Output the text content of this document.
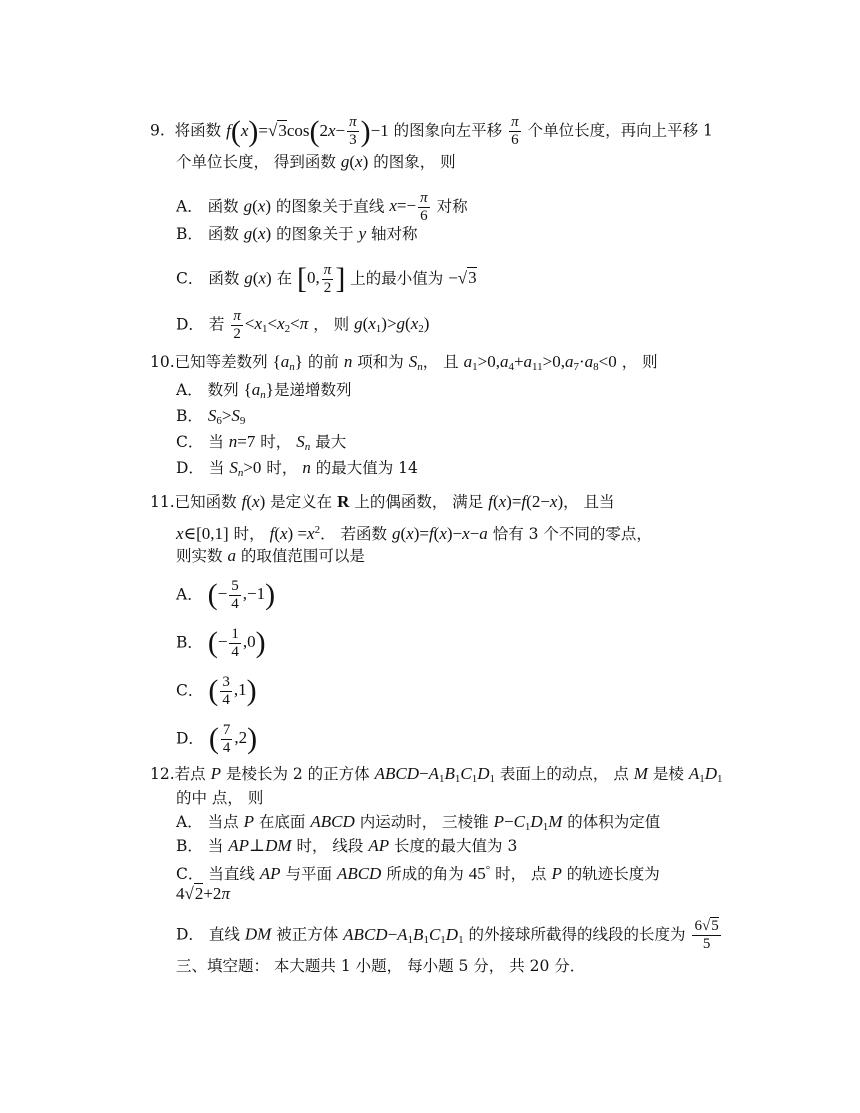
9. 将函数 $f(x)=√3\cos(2x- \frac{\pi}{3} )-1$ 的图象向左平移 $\frac{\pi}{6}$ 个单位长度，再向上平移 1
个单位长度， 得到函数 g(x) 的图象， 则
A． 函数 g(x) 的图象关于直线 $x=- \frac{\pi}{6}$ 对称
B． 函数 g(x) 的图象关于 y 轴对称
C． 函数 g(x) 在 [0, $\frac{\pi}{2}$ ] 上的最小值为 −√3
D． 若 $\frac{\pi}{2} <x_1<x_2<\pi$ ， 则 $g(x_1)>g(x_2)$
10.已知等差数列 $\{a_n\}$ 的前 n 项和为 $S_n$， 且 $a_1>0,a_4+a_{11}>0,a_7\cdot a_8<0$ ， 则
A． 数列 $\{a_n\}$是递增数列
B． $S_6>S_9$
C． 当 n=7 时， $S_n$ 最大
D． 当 $S_n>0$ 时， n 的最大值为 14
11.已知函数 f(x) 是定义在 R 上的偶函数， 满足 f(x)=f(2−x)， 且当
x∈[0,1] 时， $f(x) =x^2$． 若函数 g(x)=f(x)−x−a 恰有 3 个不同的零点，
则实数 a 的取值范围可以是
A． (− $\frac{5}{4} ,-1$)
B． (− $\frac{1}{4} ,0$)
C． ( $\frac{3}{4} ,1$)
D． ( $\frac{7}{4} ,2$)
12.若点 P 是棱长为 2 的正方体 $ABCD-A_1B_1C_1D_1$ 表面上的动点， 点 M 是棱 $A_1D_1$
的中 点， 则
A． 当点 P 在底面 ABCD 内运动时， 三棱锥 $P-C_1D_1M$ 的体积为定值
B． 当 AP⊥DM 时， 线段 AP 长度的最大值为 3
C． 当直线 AP 与平面 ABCD 所成的角为 45° 时， 点 P 的轨迹长度为
4√2+2π
D． 直线 DM 被正方体 $ABCD-A_1B_1C_1D_1$ 的外接球所截得的线段的长度为 $\frac{6√5}{5}$
三、填空题： 本大题共 1 小题， 每小题 5 分， 共 20 分．
